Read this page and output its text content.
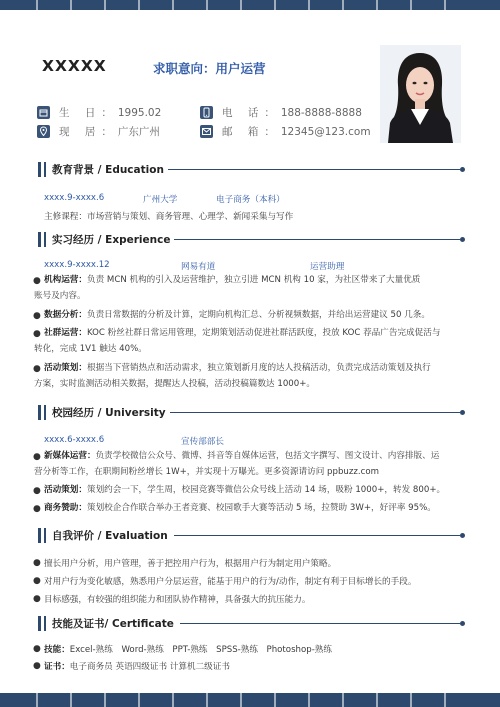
XXXXX	求职意向：用户运营
生 日： 1995.02	电 话： 188-8888-8888
现 居： 广东广州	邮 箱： 12345@123.com
教育背景 / Education
xxxx.9-xxxx.6	广州大学	电子商务（本科）
主修课程：市场营销与策划、商务管理、心理学、新闻采集与写作
实习经历 / Experience
xxxx.9-xxxx.12	网易有道	运营助理
● 机构运营：负责 MCN 机构的引入及运营维护，独立引进 MCN 机构 10 家，为社区带来了大量优质
账号及内容。
● 数据分析：负责日常数据的分析及计算，定期向机构汇总、分析视频数据，并给出运营建议 50 几条。
● 社群运营：KOC 粉丝社群日常运用管理，定期策划活动促进社群活跃度，投放 KOC 荐品广告完成促活与
转化，完成 1V1 触达 40%。
● 活动策划：根据当下营销热点和活动需求，独立策划新月度的达人投稿活动，负责完成活动策划及执行
方案，实时监测活动相关数据，提醒达人投稿，活动投稿篇数达 1000+。
校园经历 / University
xxxx.6-xxxx.6	宣传部部长
● 新媒体运营：负责学校微信公众号、微博、抖音等自媒体运营，包括文字撰写、图文设计、内容排版、运
营分析等工作，在职期间粉丝增长 1W+，并实现十万曝光。更多资源请访问 ppbuzz.com
● 活动策划：策划约会一下，学生周，校园竞赛等微信公众号线上活动 14 场，吸粉 1000+，转发 800+。
● 商务赞助：策划校企合作联合举办王者竞赛、校园歌手大赛等活动 5 场，拉赞助 3W+，好评率 95%。
自我评价 / Evaluation
● 擅长用户分析，用户管理，善于把控用户行为，根据用户行为制定用户策略。
● 对用户行为变化敏感，熟悉用户分层运营，能基于用户的行为/动作，制定有利于目标增长的手段。
● 目标感强，有较强的组织能力和团队协作精神，具备强大的抗压能力。
技能及证书/ Certificate
● 技能：Excel-熟练　Word-熟练　PPT-熟练　SPSS-熟练　Photoshop-熟练
● 证书：电子商务员 英语四级证书 计算机二级证书
